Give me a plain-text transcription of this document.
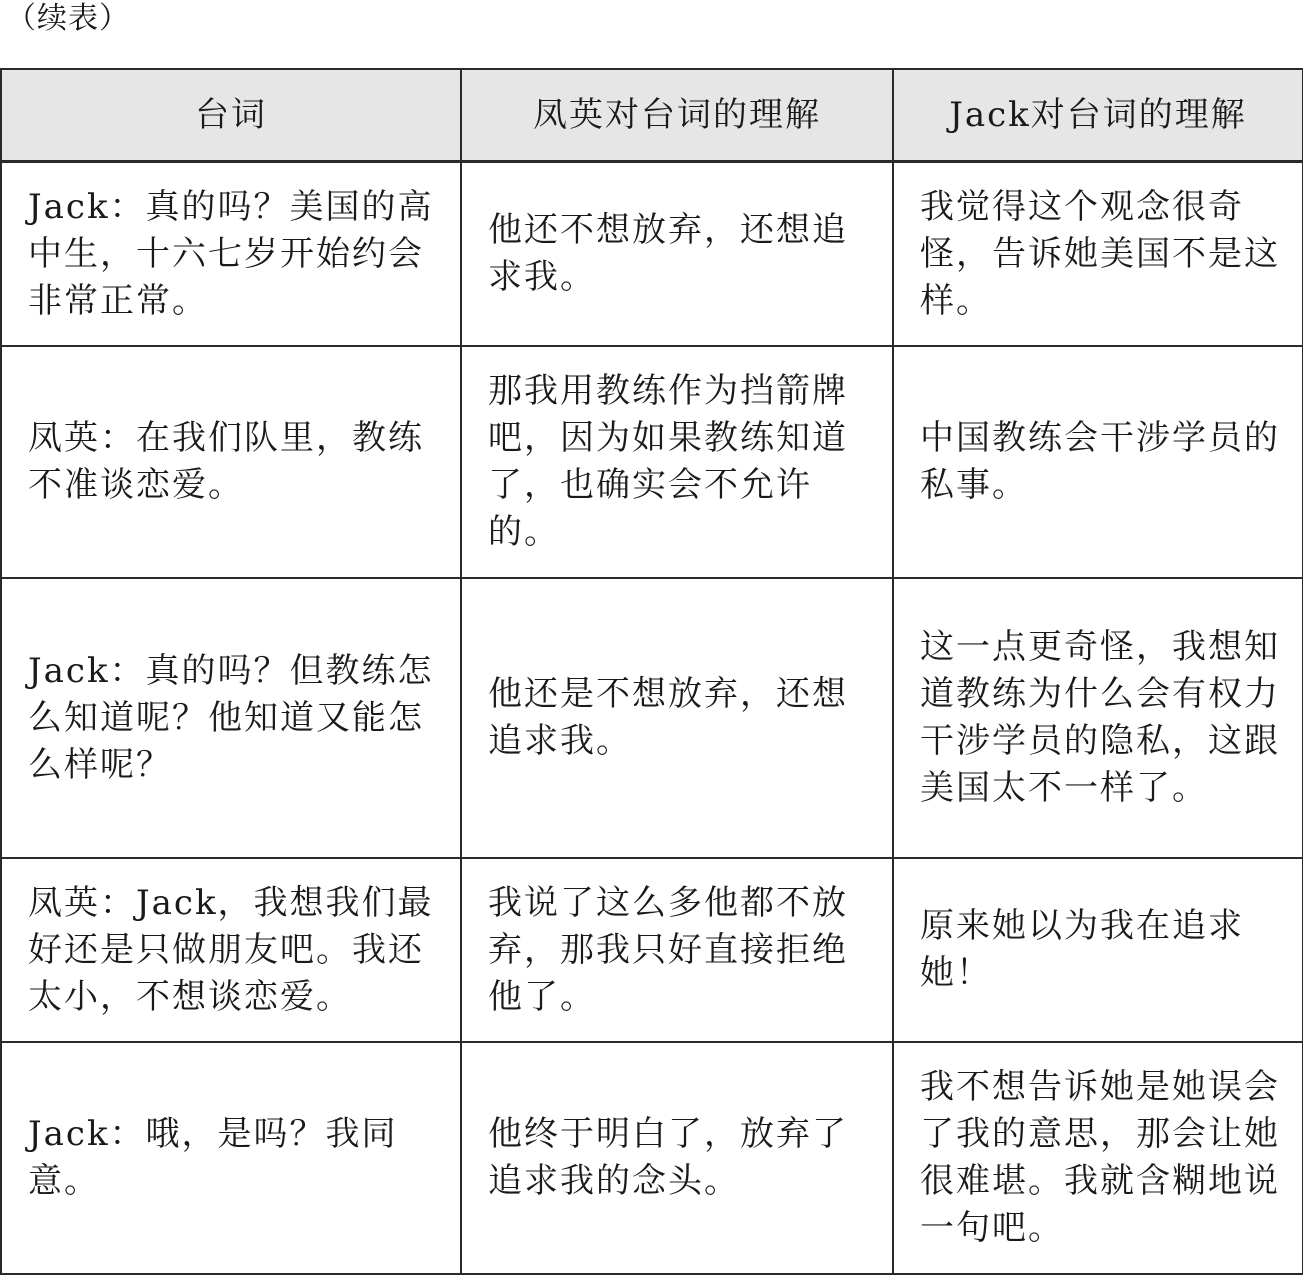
（续表）
台词	凤英对台词的理解	Jack对台词的理解
Jack：真的吗？美国的高中生，十六七岁开始约会非常正常。	他还不想放弃，还想追求我。	我觉得这个观念很奇怪，告诉她美国不是这样。
凤英：在我们队里，教练不准谈恋爱。	那我用教练作为挡箭牌吧，因为如果教练知道了，也确实会不允许的。	中国教练会干涉学员的私事。
Jack：真的吗？但教练怎么知道呢？他知道又能怎么样呢？	他还是不想放弃，还想追求我。	这一点更奇怪，我想知道教练为什么会有权力干涉学员的隐私，这跟美国太不一样了。
凤英：Jack，我想我们最好还是只做朋友吧。我还太小，不想谈恋爱。	我说了这么多他都不放弃，那我只好直接拒绝他了。	原来她以为我在追求她！
Jack：哦，是吗？我同意。	他终于明白了，放弃了追求我的念头。	我不想告诉她是她误会了我的意思，那会让她很难堪。我就含糊地说一句吧。
